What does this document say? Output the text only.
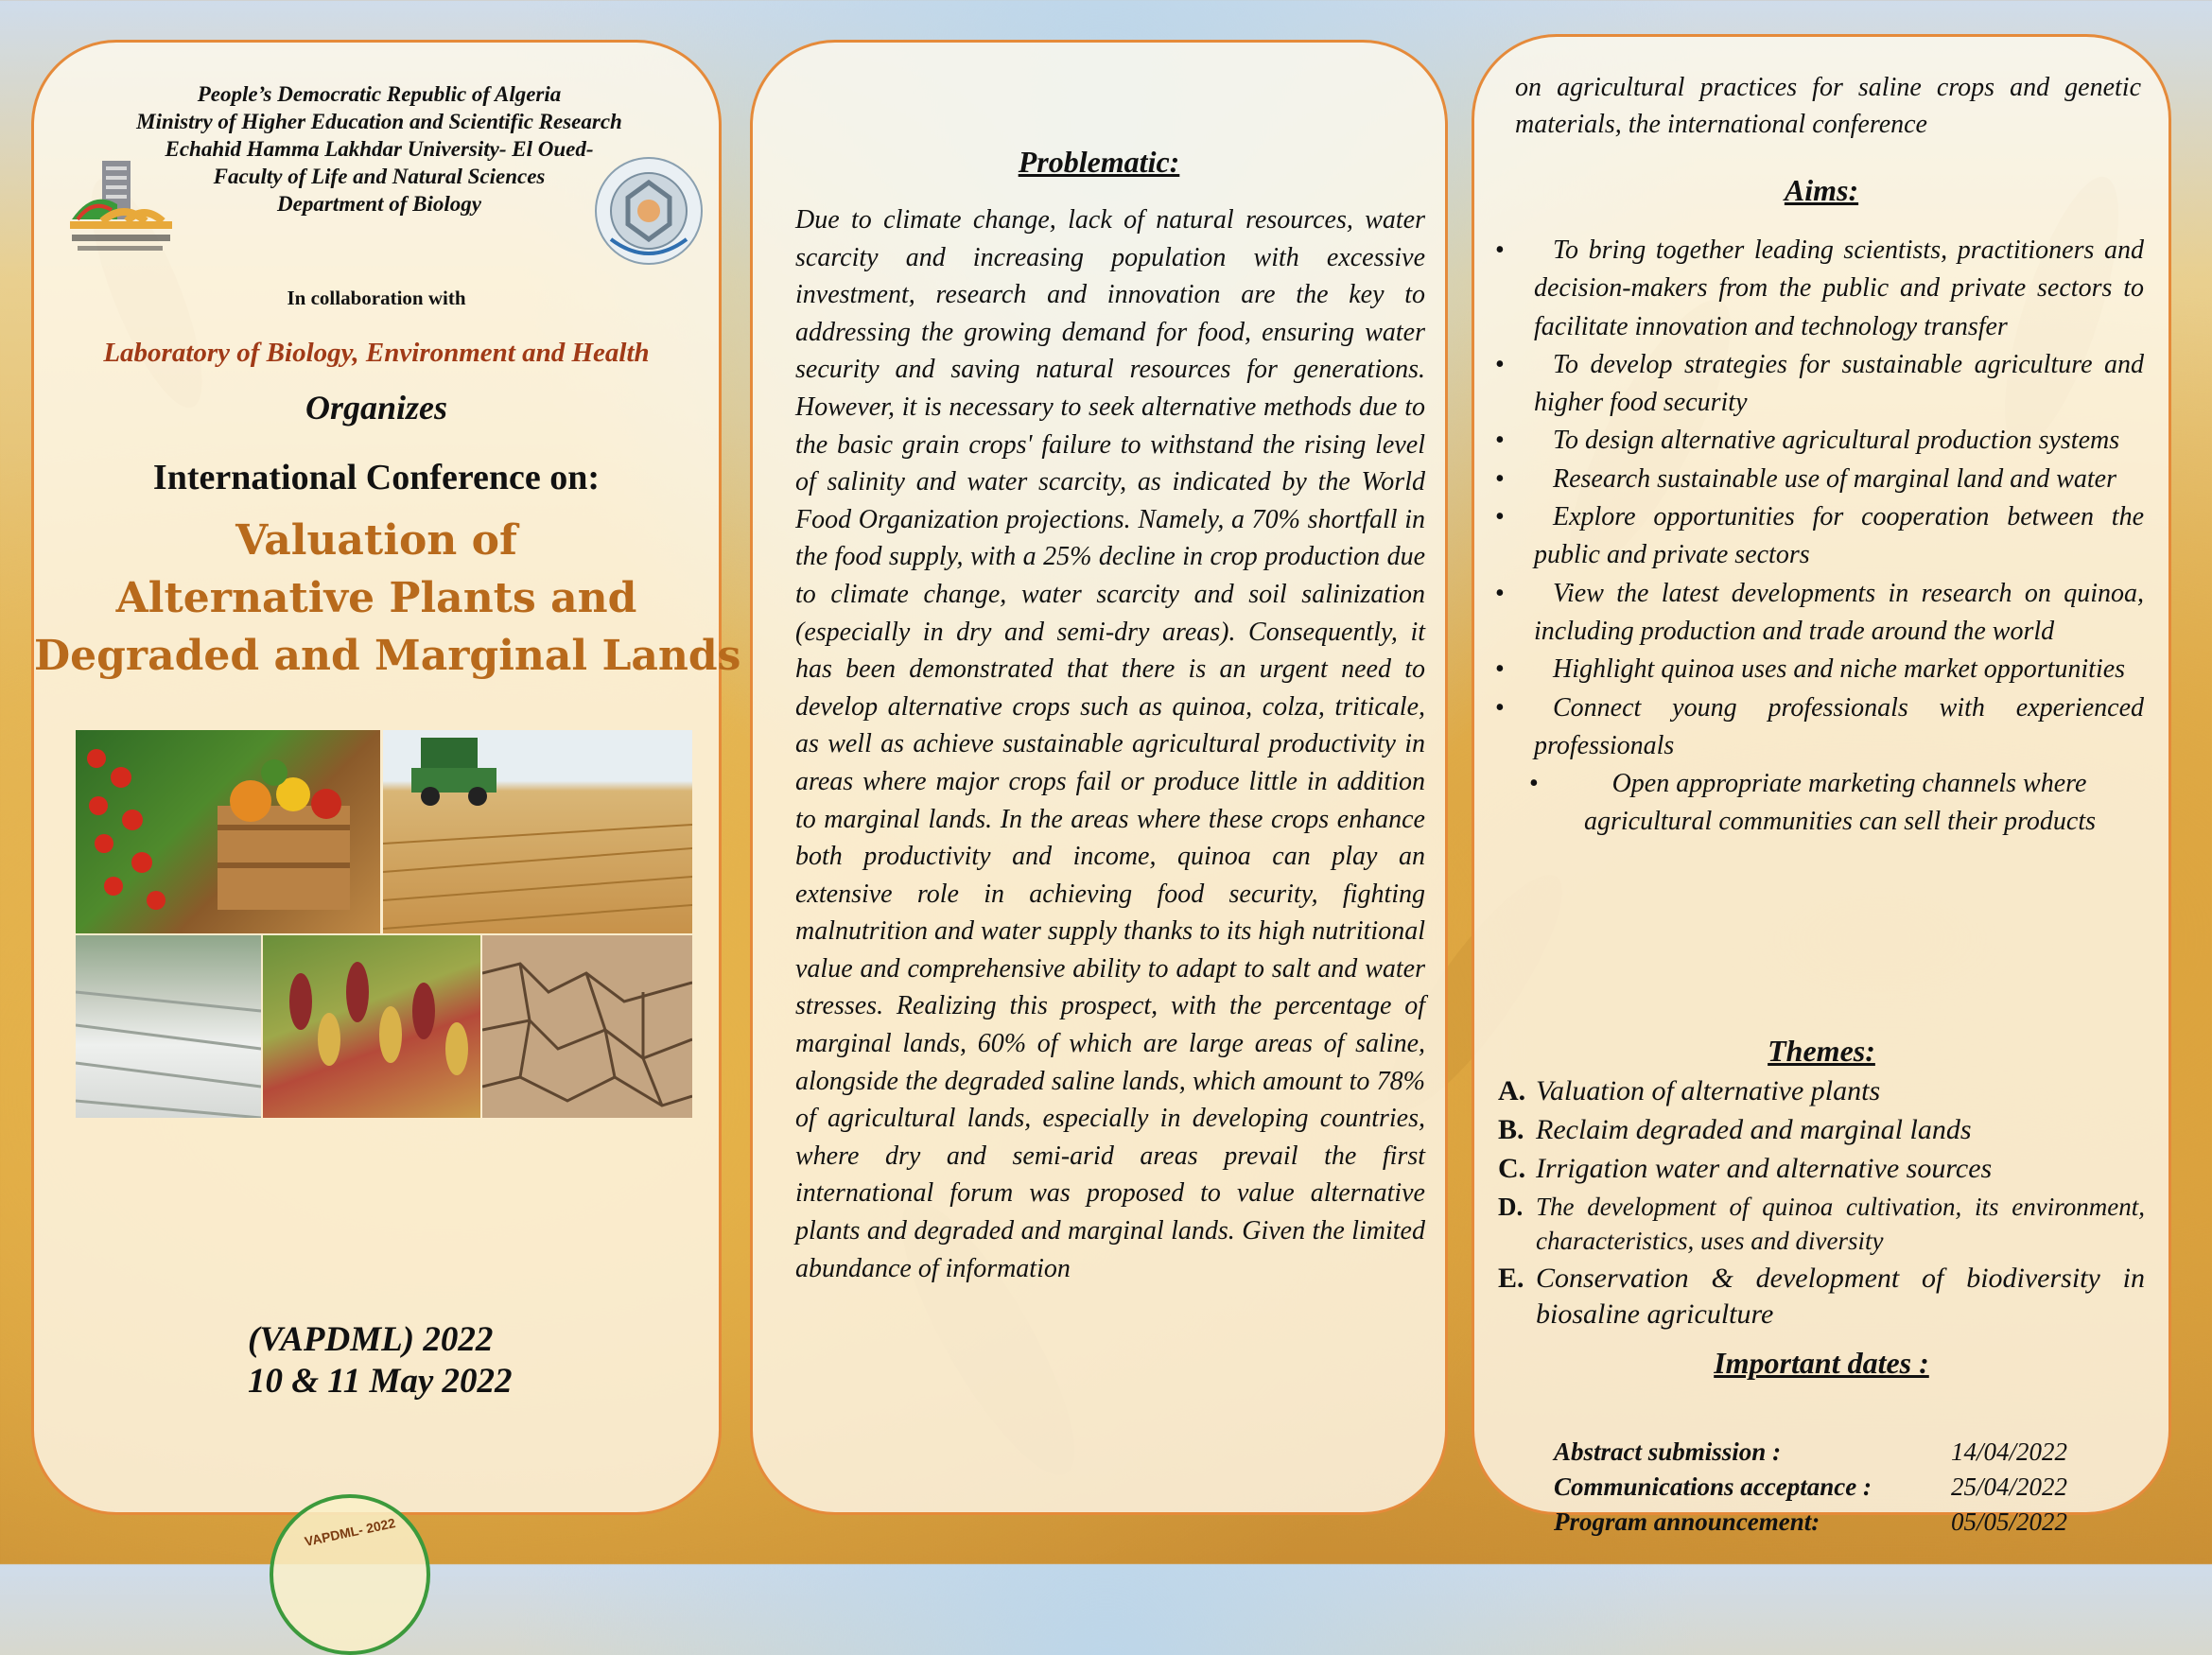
People’s Democratic Republic of Algeria
Ministry of Higher Education and Scientific Research
Echahid Hamma Lakhdar University- El Oued-
Faculty of Life and Natural Sciences
Department of Biology
In collaboration with
Laboratory of Biology, Environment and Health
Organizes
International Conference on:
Valuation of
Alternative Plants and
Degraded and Marginal Lands
(VAPDML) 2022
10 & 11 May 2022
VAPDML- 2022
Problematic:
Due to climate change, lack of natural resources, water scarcity and increasing population with excessive investment, research and innovation are the key to addressing the growing demand for food, ensuring water security and saving natural resources for generations. However, it is necessary to seek alternative methods due to the basic grain crops' failure to withstand the rising level of salinity and water scarcity, as indicated by the World Food Organization projections. Namely, a 70% shortfall in the food supply, with a 25% decline in crop production due to climate change, water scarcity and soil salinization (especially in dry and semi-dry areas). Consequently, it has been demonstrated that there is an urgent need to develop alternative crops such as quinoa, colza, triticale, as well as achieve sustainable agricultural productivity in areas where major crops fail or produce little in addition to marginal lands. In the areas where these crops enhance both productivity and income, quinoa can play an extensive role in achieving food security, fighting malnutrition and water supply thanks to its high nutritional value and comprehensive ability to adapt to salt and water stresses. Realizing this prospect, with the percentage of marginal lands, 60% of which are large areas of saline, alongside the degraded saline lands, which amount to 78% of agricultural lands, especially in developing countries, where dry and semi-arid areas prevail the first international forum was proposed to value alternative plants and degraded and marginal lands. Given the limited abundance of information
on agricultural practices for saline crops and genetic materials, the international conference
Aims:
• To bring together leading scientists, practitioners and decision-makers from the public and private sectors to facilitate innovation and technology transfer
• To develop strategies for sustainable agriculture and higher food security
• To design alternative agricultural production systems
• Research sustainable use of marginal land and water
• Explore opportunities for cooperation between the public and private sectors
• View the latest developments in research on quinoa, including production and trade around the world
• Highlight quinoa uses and niche market opportunities
• Connect young professionals with experienced professionals
•	Open appropriate marketing channels where agricultural communities can sell their products
Themes:
A. Valuation of alternative plants
B. Reclaim degraded and marginal lands
C. Irrigation water and alternative sources
D. The development of quinoa cultivation, its environment, characteristics, uses and diversity
E. Conservation & development of biodiversity in biosaline agriculture
Important dates :
Abstract submission :	14/04/2022
Communications acceptance :	25/04/2022
Program announcement:	05/05/2022
